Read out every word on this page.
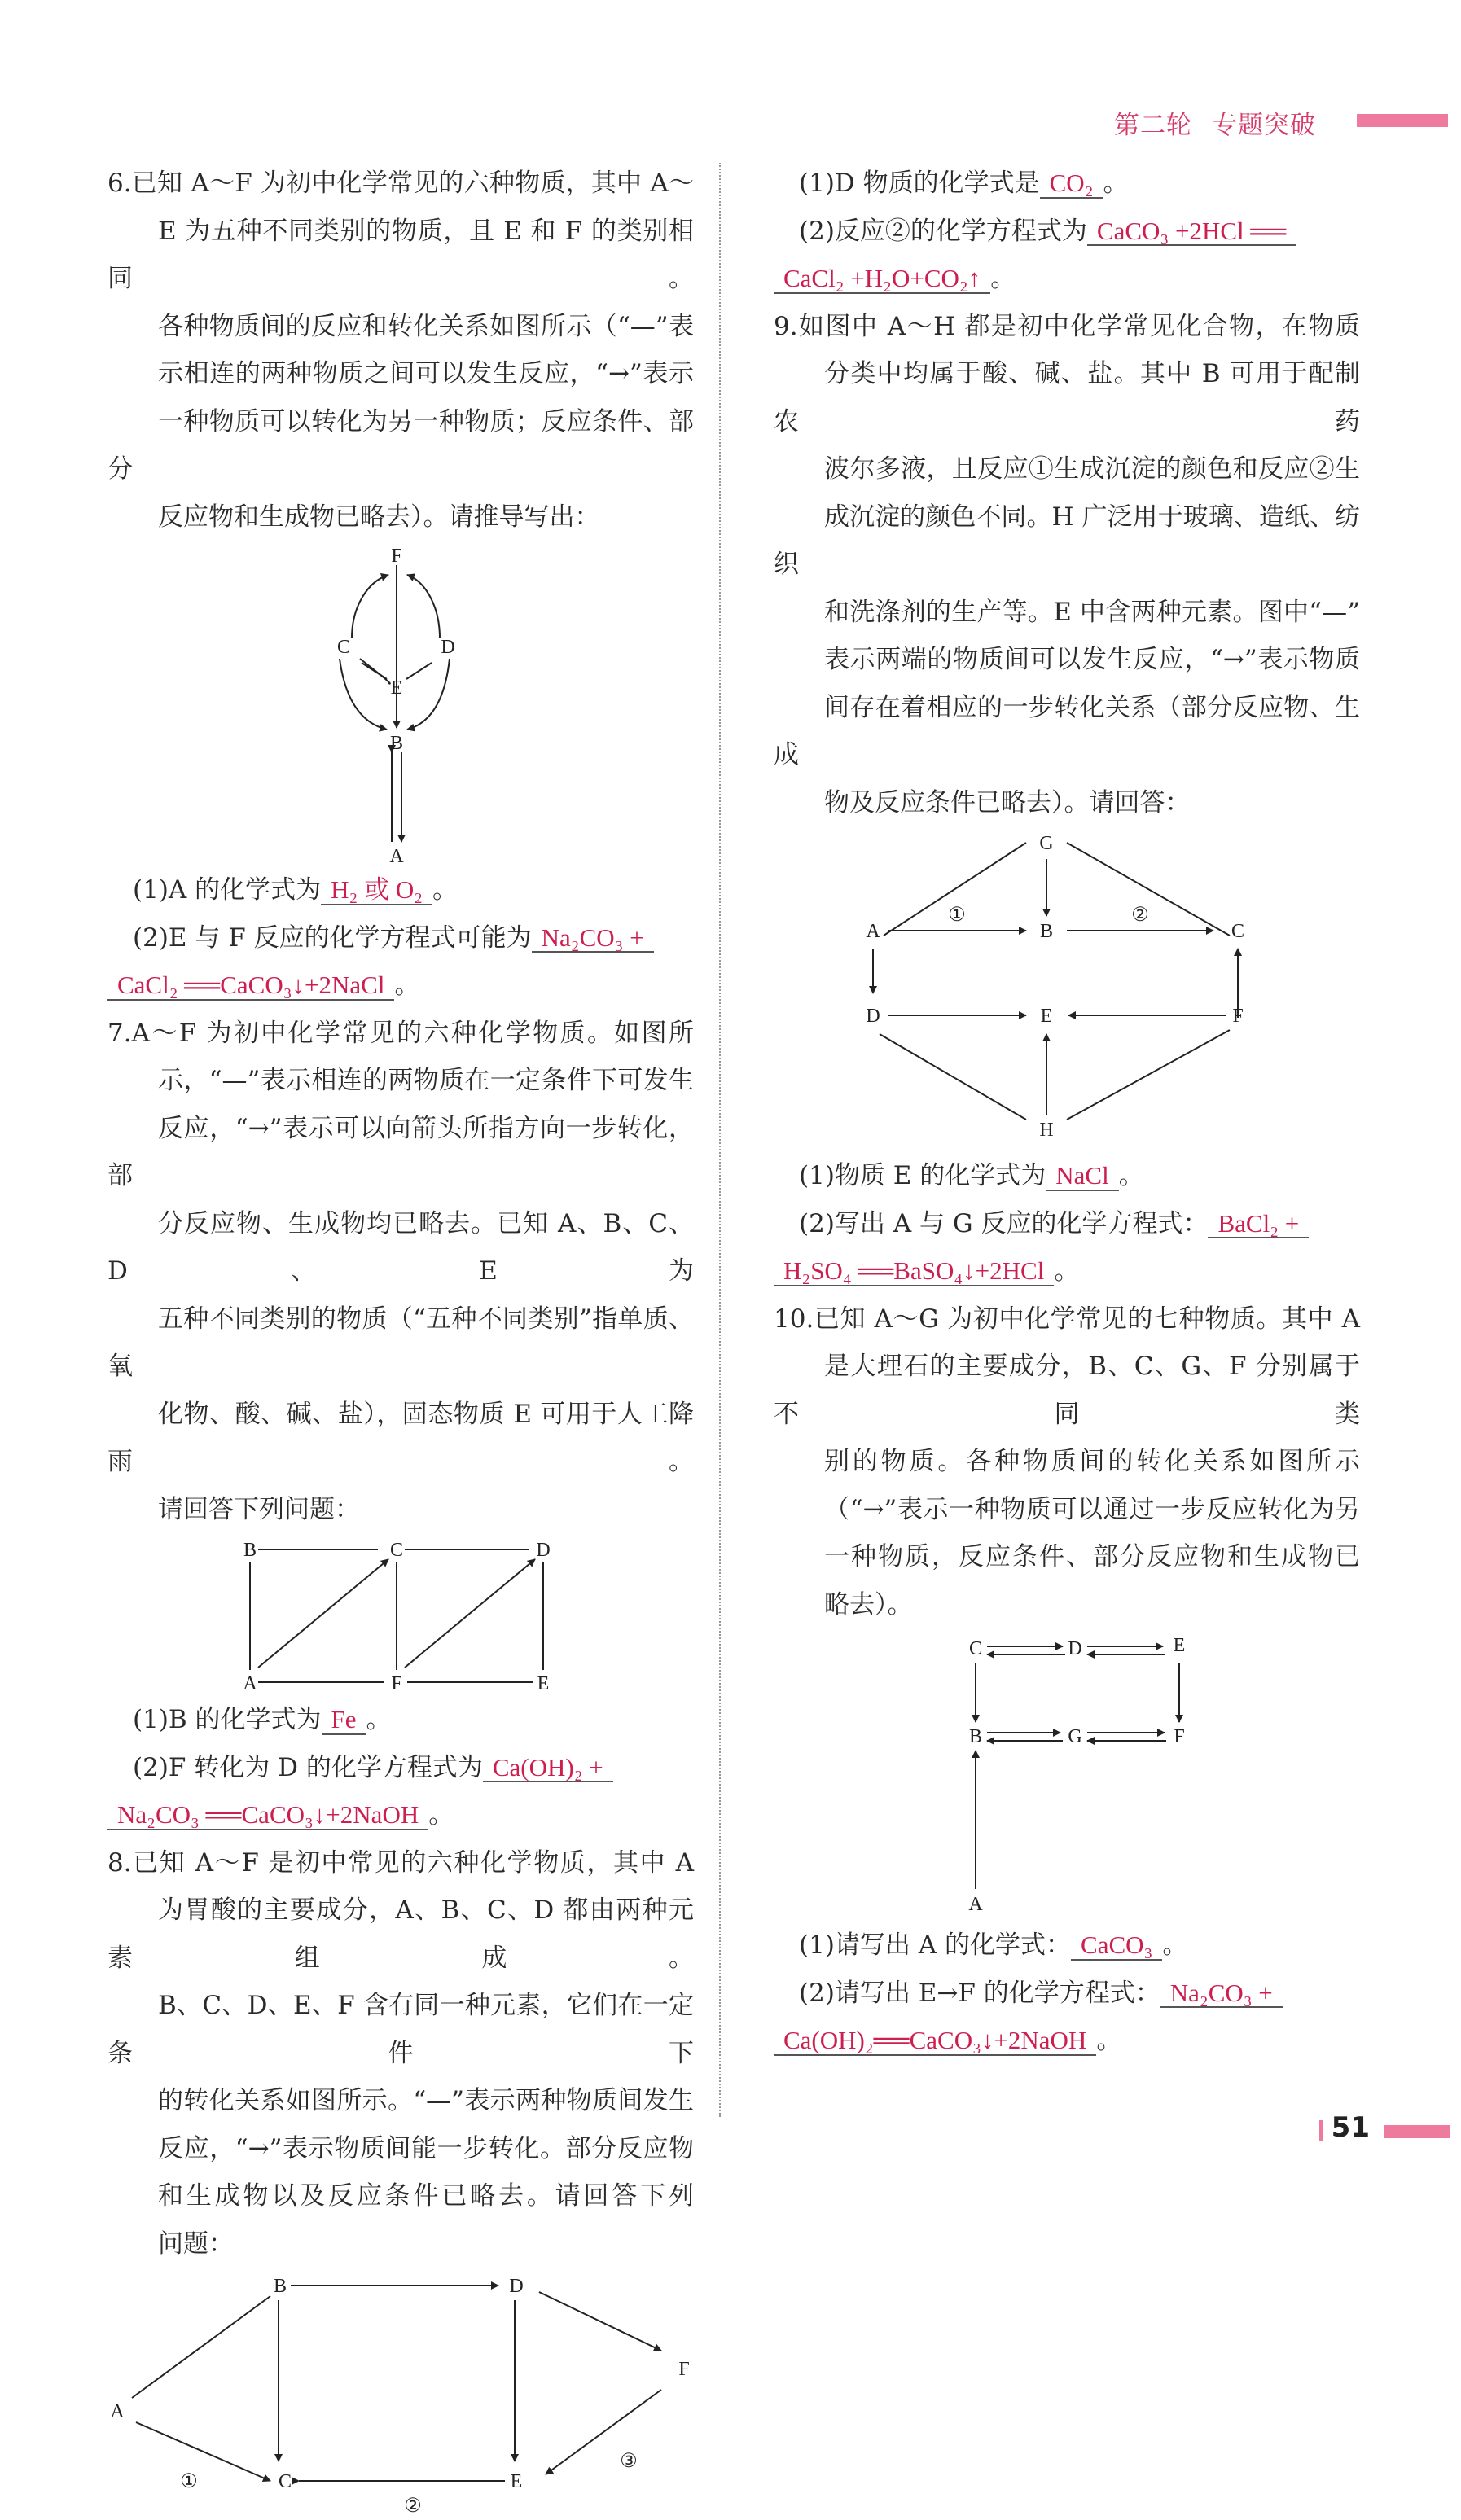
第二轮 专题突破

6.已知 A～F 为初中化学常见的六种物质，其中 A～

E 为五种不同类别的物质，且 E 和 F 的类别相同。

各种物质间的反应和转化关系如图所示（“—”表

示相连的两种物质之间可以发生反应，“→”表示

一种物质可以转化为另一种物质；反应条件、部分

反应物和生成物已略去）。请推导写出：

F
C	D
E
B
A

(1)A 的化学式为 H₂ 或 O₂ 。

(2)E 与 F 反应的化学方程式可能为 Na₂CO₃ +

CaCl₂ ══CaCO₃↓+2NaCl 。

7.A～F 为初中化学常见的六种化学物质。如图所

示，“—”表示相连的两物质在一定条件下可发生

反应，“→”表示可以向箭头所指方向一步转化，部

分反应物、生成物均已略去。已知 A、B、C、D、E 为

五种不同类别的物质（“五种不同类别”指单质、氧

化物、酸、碱、盐），固态物质 E 可用于人工降雨。

请回答下列问题：

B	C	D
A	F	E

(1)B 的化学式为 Fe 。

(2)F 转化为 D 的化学方程式为 Ca(OH)₂ +

Na₂CO₃ ══CaCO₃↓+2NaOH 。

8.已知 A～F 是初中常见的六种化学物质，其中 A

为胃酸的主要成分，A、B、C、D 都由两种元素组成。

B、C、D、E、F 含有同一种元素，它们在一定条件下

的转化关系如图所示。“—”表示两种物质间发生

反应，“→”表示物质间能一步转化。部分反应物

和生成物以及反应条件已略去。请回答下列

问题：

B	D
A
F
C	E
①
②
③

(1)D 物质的化学式是 CO₂ 。

(2)反应②的化学方程式为 CaCO₃ +2HCl ══

CaCl₂ +H₂O+CO₂↑ 。

9.如图中 A～H 都是初中化学常见化合物，在物质

分类中均属于酸、碱、盐。其中 B 可用于配制农药

波尔多液，且反应①生成沉淀的颜色和反应②生

成沉淀的颜色不同。H 广泛用于玻璃、造纸、纺织

和洗涤剂的生产等。E 中含两种元素。图中“—”

表示两端的物质间可以发生反应，“→”表示物质

间存在着相应的一步转化关系（部分反应物、生成

物及反应条件已略去）。请回答：

G
A	B	C
D	E	F
H
①	②

(1)物质 E 的化学式为 NaCl 。

(2)写出 A 与 G 反应的化学方程式： BaCl₂ +

H₂SO₄ ══BaSO₄↓+2HCl 。

10.已知 A～G 为初中化学常见的七种物质。其中 A

是大理石的主要成分，B、C、G、F 分别属于不同类

别的物质。各种物质间的转化关系如图所示

（“→”表示一种物质可以通过一步反应转化为另

一种物质，反应条件、部分反应物和生成物已

略去）。

C	D	E
B	G	F
A

(1)请写出 A 的化学式： CaCO₃ 。

(2)请写出 E→F 的化学方程式： Na₂CO₃ +

Ca(OH)₂══CaCO₃↓+2NaOH 。

51
